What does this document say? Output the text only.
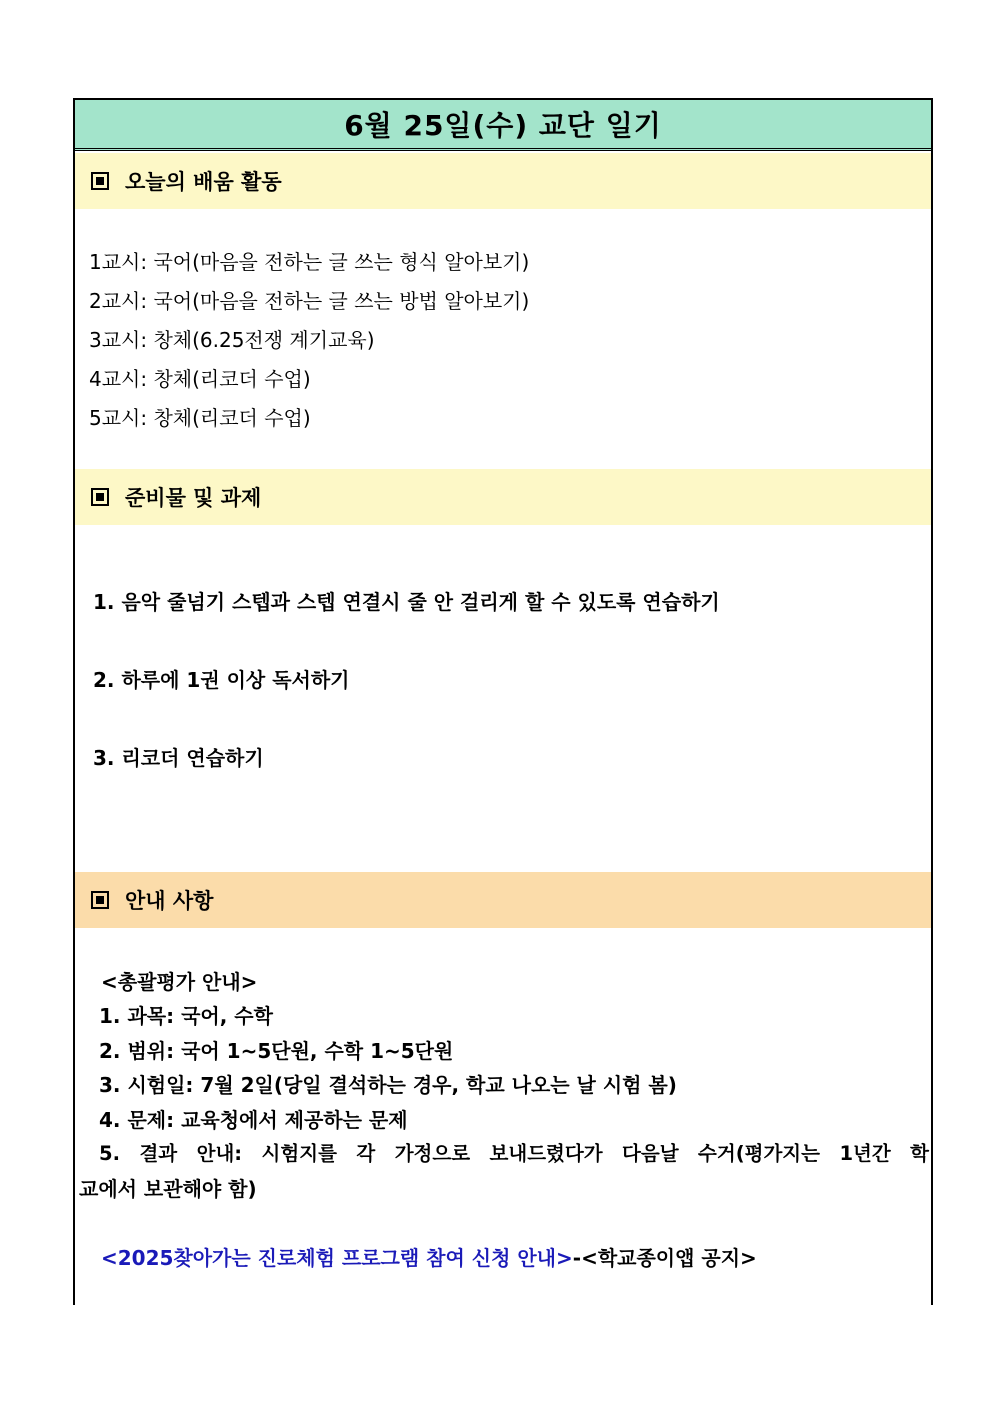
6월 25일(수) 교단 일기
오늘의 배움 활동
1교시: 국어(마음을 전하는 글 쓰는 형식 알아보기)
2교시: 국어(마음을 전하는 글 쓰는 방법 알아보기)
3교시: 창체(6.25전쟁 계기교육)
4교시: 창체(리코더 수업)
5교시: 창체(리코더 수업)
준비물 및 과제
1. 음악 줄넘기 스텝과 스텝 연결시 줄 안 걸리게 할 수 있도록 연습하기
2. 하루에 1권 이상 독서하기
3. 리코더 연습하기
안내 사항
<총괄평가 안내>
1. 과목: 국어, 수학
2. 범위: 국어 1~5단원, 수학 1~5단원
3. 시험일: 7월 2일(당일 결석하는 경우, 학교 나오는 날 시험 봄)
4. 문제: 교육청에서 제공하는 문제
5. 결과 안내: 시험지를 각 가정으로 보내드렸다가 다음날 수거(평가지는 1년간 학
교에서 보관해야 함)
<2025찾아가는 진로체험 프로그램 참여 신청 안내>-<학교종이앱 공지>
